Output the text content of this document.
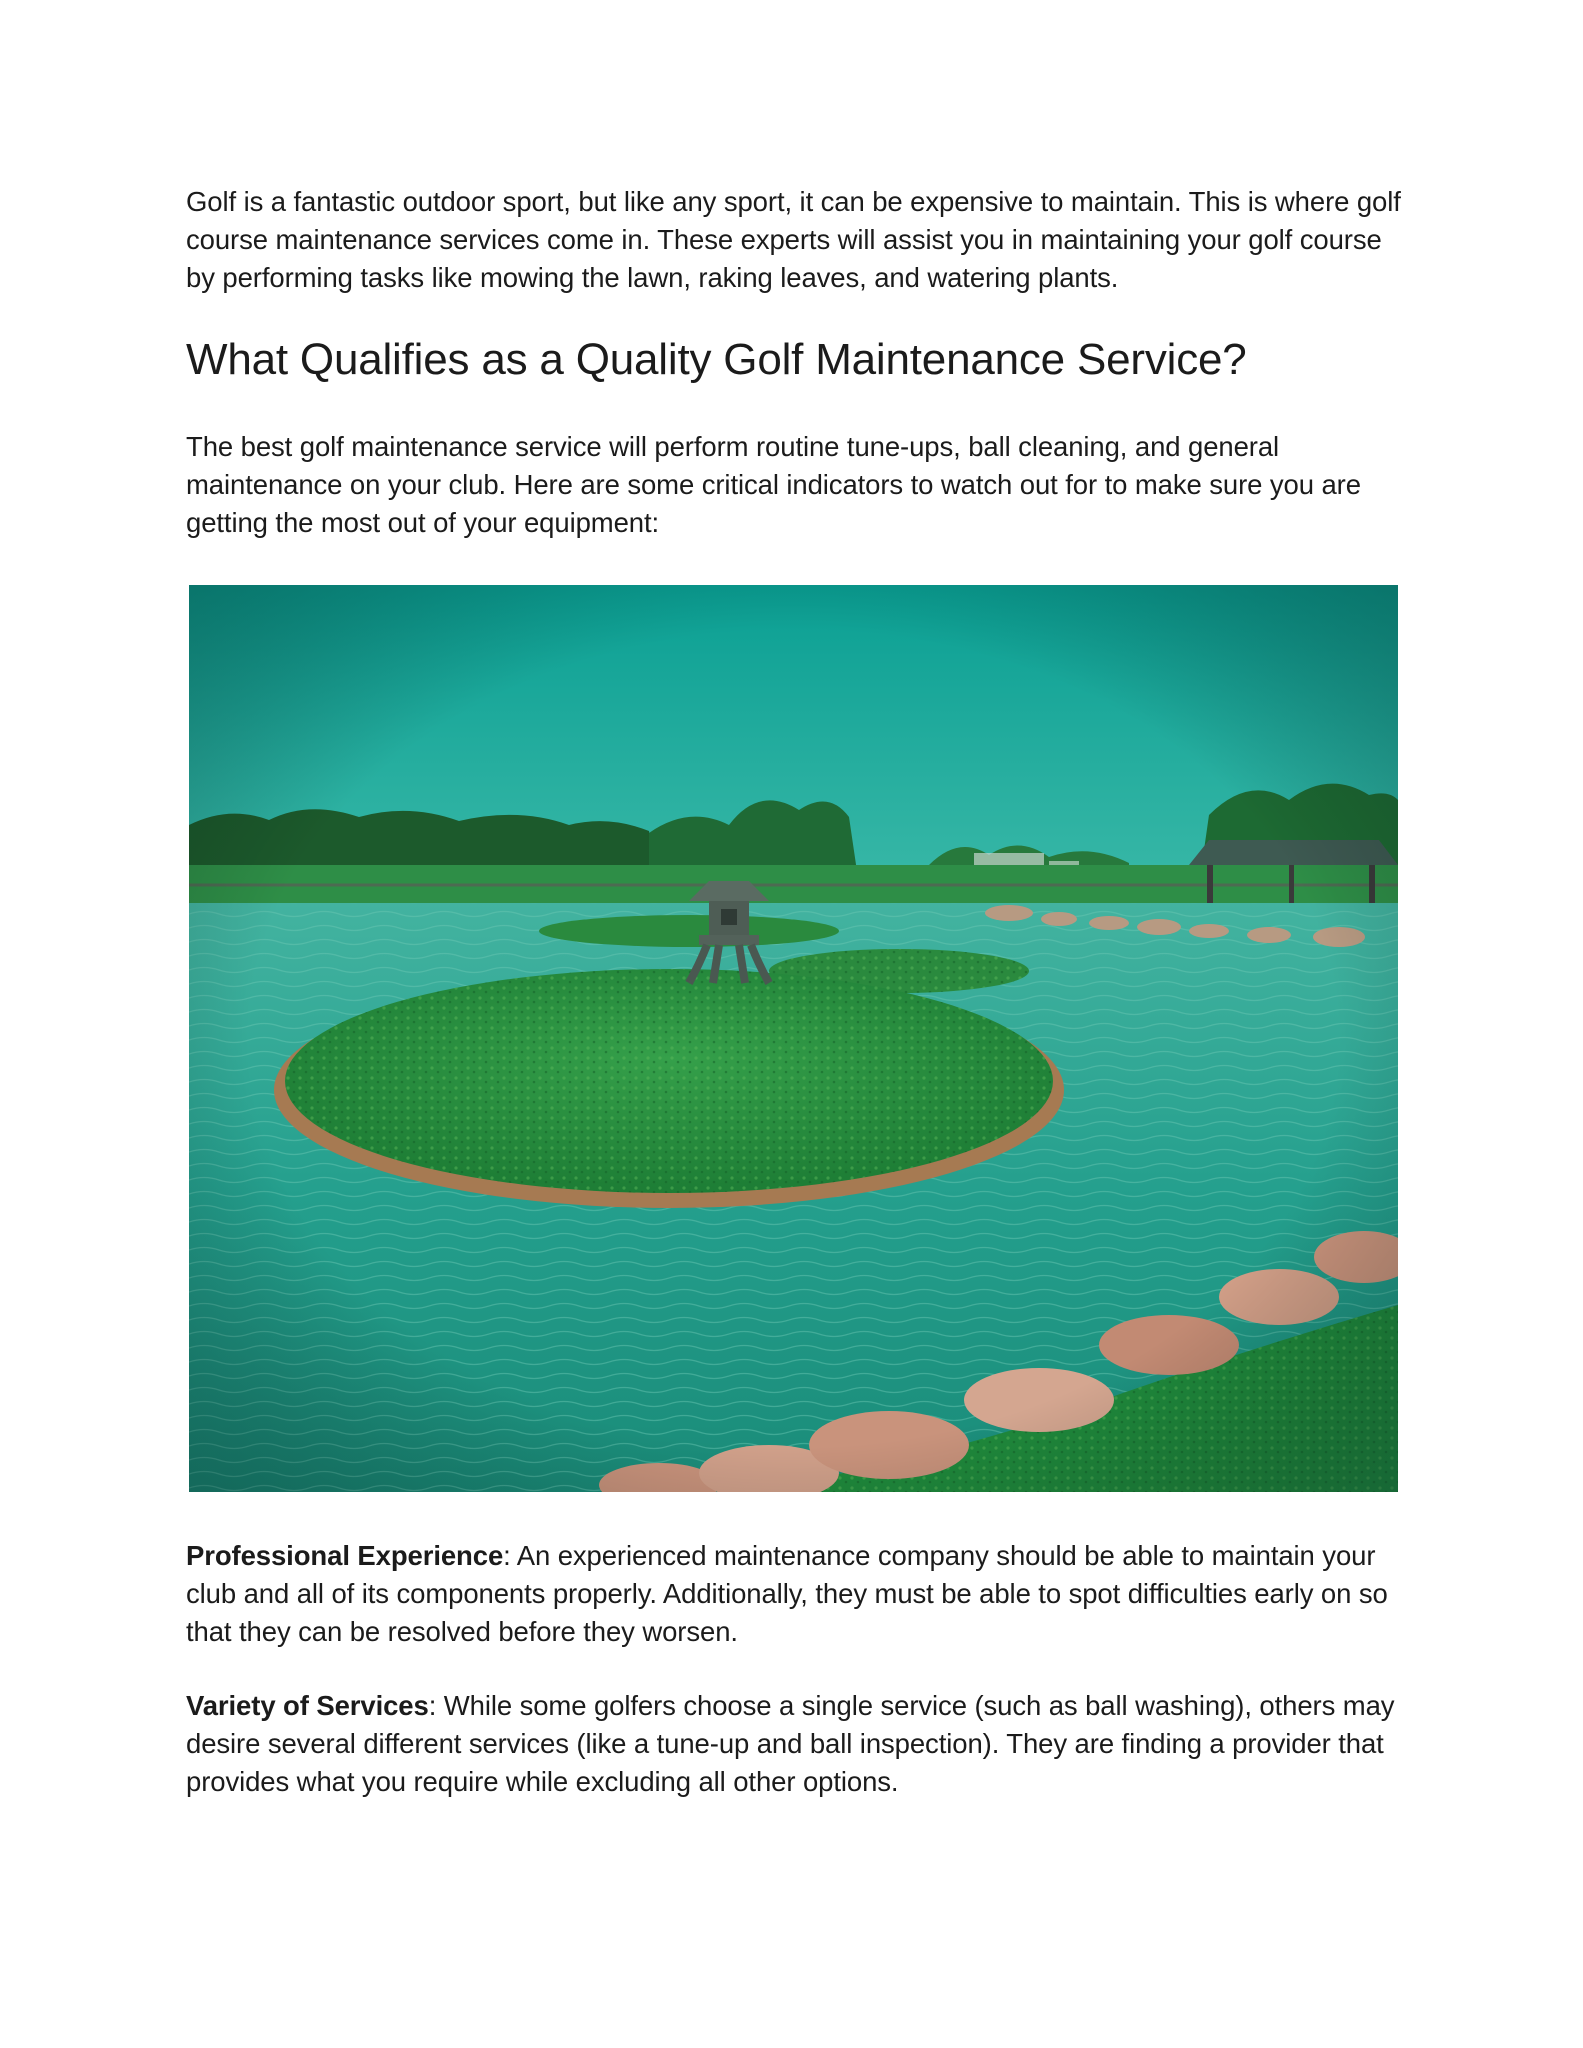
Golf is a fantastic outdoor sport, but like any sport, it can be expensive to maintain. This is where golf course maintenance services come in. These experts will assist you in maintaining your golf course by performing tasks like mowing the lawn, raking leaves, and watering plants.

What Qualifies as a Quality Golf Maintenance Service?

The best golf maintenance service will perform routine tune-ups, ball cleaning, and general maintenance on your club. Here are some critical indicators to watch out for to make sure you are getting the most out of your equipment:

Professional Experience: An experienced maintenance company should be able to maintain your club and all of its components properly. Additionally, they must be able to spot difficulties early on so that they can be resolved before they worsen.

Variety of Services: While some golfers choose a single service (such as ball washing), others may desire several different services (like a tune-up and ball inspection). They are finding a provider that provides what you require while excluding all other options.
